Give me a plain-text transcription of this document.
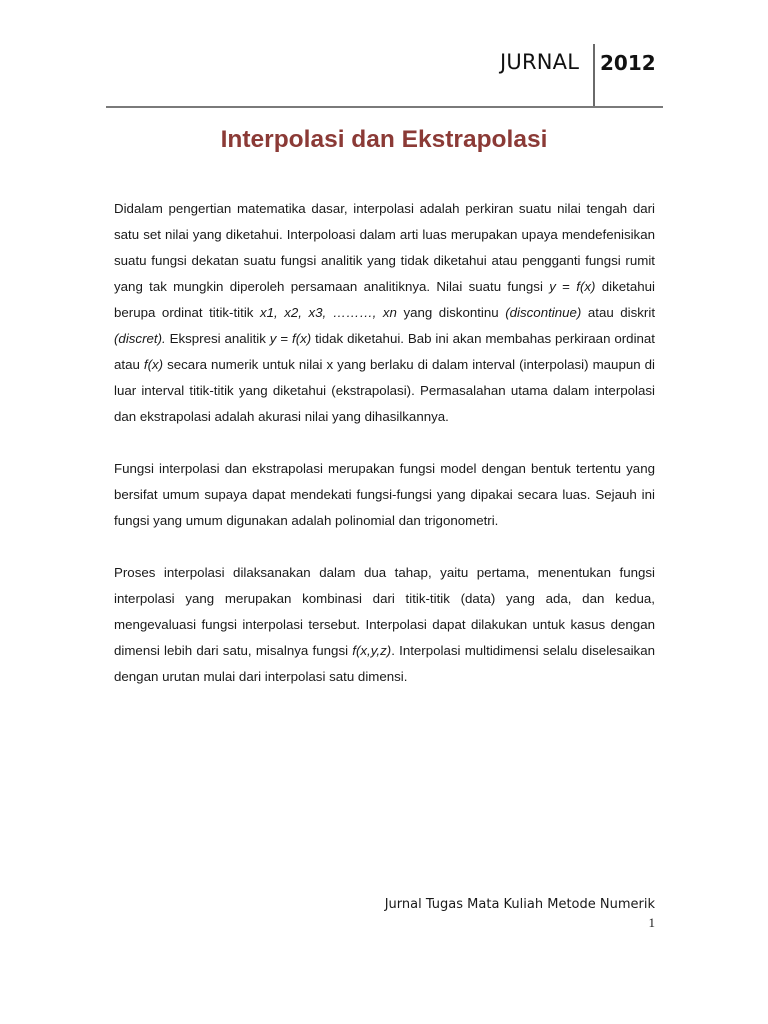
JURNAL 2012
Interpolasi dan Ekstrapolasi

Didalam pengertian matematika dasar, interpolasi adalah perkiran suatu nilai tengah dari satu set nilai yang diketahui. Interpoloasi dalam arti luas merupakan upaya mendefenisikan suatu fungsi dekatan suatu fungsi analitik yang tidak diketahui atau pengganti fungsi rumit yang tak mungkin diperoleh persamaan analitiknya. Nilai suatu fungsi y = f(x) diketahui berupa ordinat titik-titik x1, x2, x3, ………, xn yang diskontinu (discontinue) atau diskrit (discret). Ekspresi analitik y = f(x) tidak diketahui. Bab ini akan membahas perkiraan ordinat atau f(x) secara numerik untuk nilai x yang berlaku di dalam interval (interpolasi) maupun di luar interval titik-titik yang diketahui (ekstrapolasi). Permasalahan utama dalam interpolasi dan ekstrapolasi adalah akurasi nilai yang dihasilkannya.

Fungsi interpolasi dan ekstrapolasi merupakan fungsi model dengan bentuk tertentu yang bersifat umum supaya dapat mendekati fungsi-fungsi yang dipakai secara luas. Sejauh ini fungsi yang umum digunakan adalah polinomial dan trigonometri.

Proses interpolasi dilaksanakan dalam dua tahap, yaitu pertama, menentukan fungsi interpolasi yang merupakan kombinasi dari titik-titik (data) yang ada, dan kedua, mengevaluasi fungsi interpolasi tersebut. Interpolasi dapat dilakukan untuk kasus dengan dimensi lebih dari satu, misalnya fungsi f(x,y,z). Interpolasi multidimensi selalu diselesaikan dengan urutan mulai dari interpolasi satu dimensi.

Jurnal Tugas Mata Kuliah Metode Numerik
1
